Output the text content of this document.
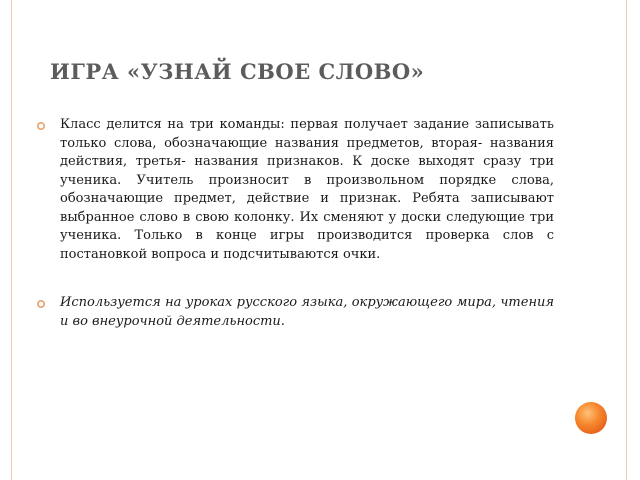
ИГРА «УЗНАЙ СВОЕ СЛОВО»

Класс делится на три команды: первая получает задание записывать только слова, обозначающие названия предметов, вторая- названия действия, третья- названия признаков. К доске выходят сразу три ученика. Учитель произносит в произвольном порядке слова, обозначающие предмет, действие и признак. Ребята записывают выбранное слово в свою колонку. Их сменяют у доски следующие три ученика. Только в конце игры производится проверка слов с постановкой вопроса и подсчитываются очки.

Используется на уроках русского языка, окружающего мира, чтения и во внеурочной деятельности.
